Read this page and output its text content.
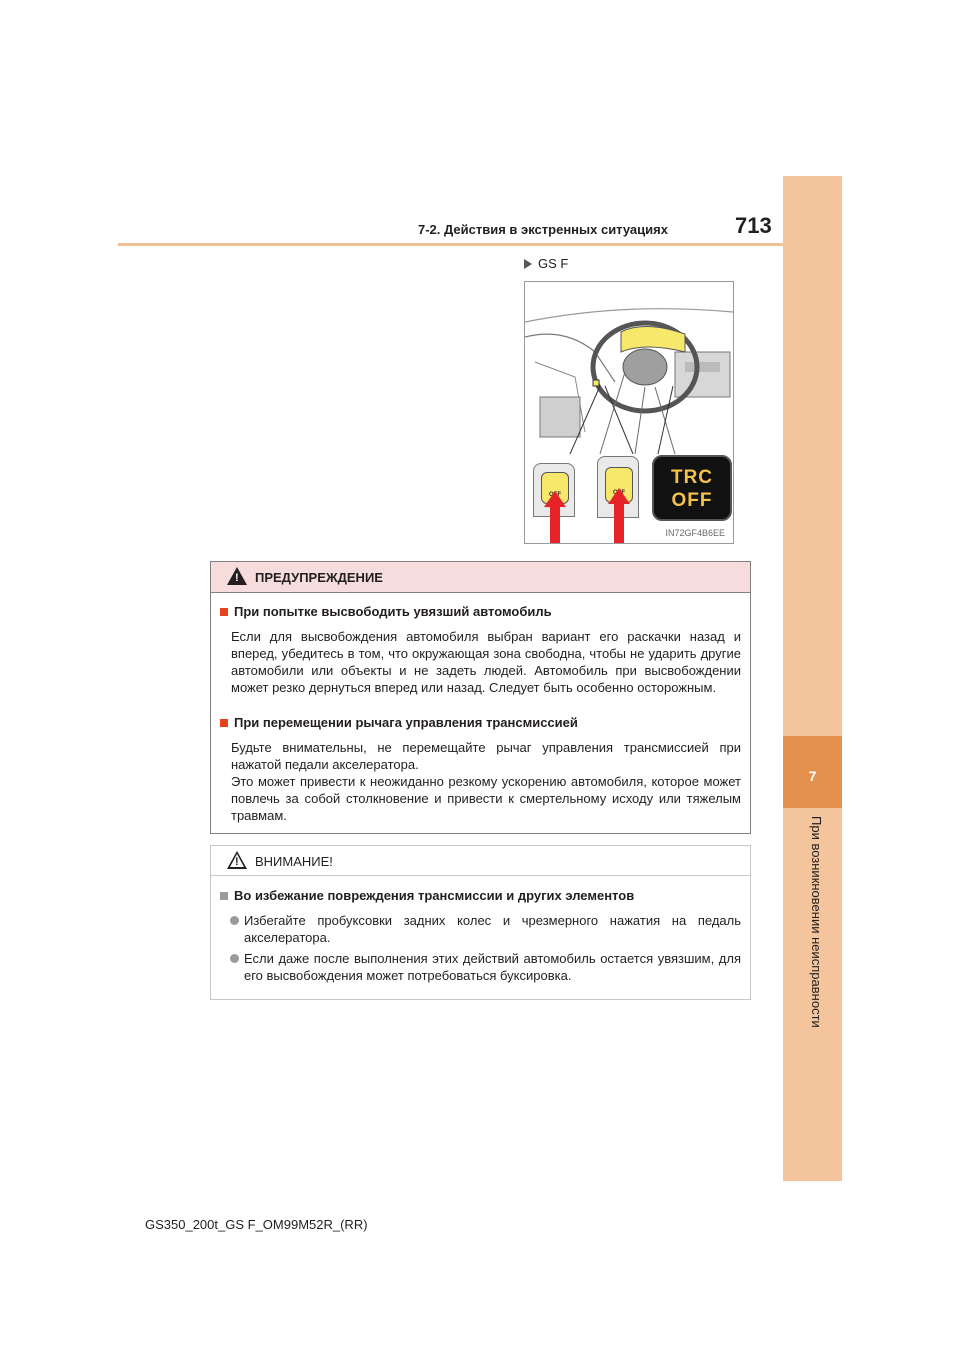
7-2. Действия в экстренных ситуациях	713
7
При возникновении неисправности
GS F
OFF	OFF
TRC
OFF
IN72GF4B6EE
!
ПРЕДУПРЕЖДЕНИЕ
При попытке высвободить увязший автомобиль
Если для высвобождения автомобиля выбран вариант его раскачки назад и вперед, убедитесь в том, что окружающая зона свободна, чтобы не ударить другие автомобили или объекты и не задеть людей. Автомобиль при высвобождении может резко дернуться вперед или назад. Следует быть особенно осторожным.
При перемещении рычага управления трансмиссией
Будьте внимательны, не перемещайте рычаг управления трансмиссией при нажатой педали акселератора.
Это может привести к неожиданно резкому ускорению автомобиля, которое может повлечь за собой столкновение и привести к смертельному исходу или тяжелым травмам.
!
ВНИМАНИЕ!
Во избежание повреждения трансмиссии и других элементов
Избегайте пробуксовки задних колес и чрезмерного нажатия на педаль акселератора.
Если даже после выполнения этих действий автомобиль остается увязшим, для его высвобождения может потребоваться буксировка.
GS350_200t_GS F_OM99M52R_(RR)
